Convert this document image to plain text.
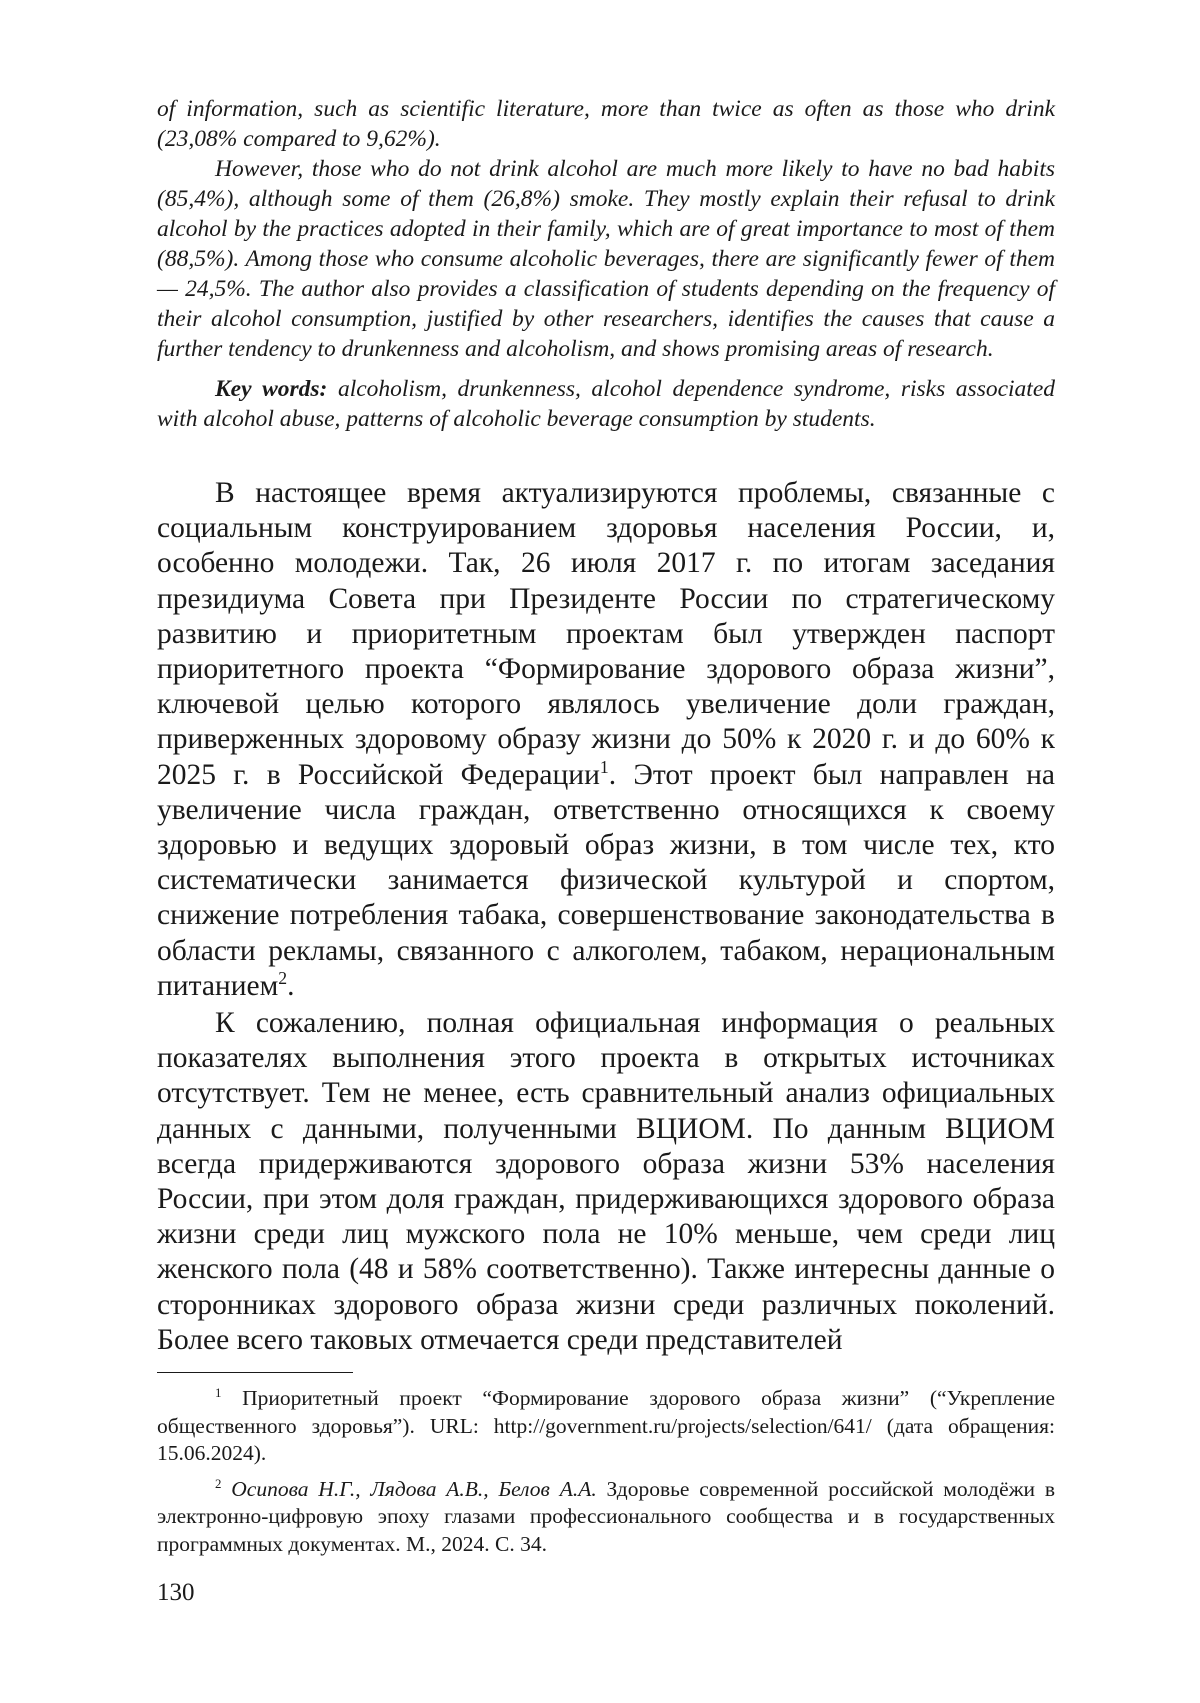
of information, such as scientific literature, more than twice as often as those who drink (23,08% compared to 9,62%).

However, those who do not drink alcohol are much more likely to have no bad habits (85,4%), although some of them (26,8%) smoke. They mostly explain their refusal to drink alcohol by the practices adopted in their family, which are of great importance to most of them (88,5%). Among those who consume alcoholic beverages, there are significantly fewer of them — 24,5%. The author also provides a classification of students depending on the frequency of their alcohol consumption, justified by other researchers, identifies the causes that cause a further tendency to drunkenness and alcoholism, and shows promising areas of research.

Key words: alcoholism, drunkenness, alcohol dependence syndrome, risks associated with alcohol abuse, patterns of alcoholic beverage consumption by students.

В настоящее время актуализируются проблемы, связанные с социальным конструированием здоровья населения России, и, особенно молодежи. Так, 26 июля 2017 г. по итогам заседания президиума Совета при Президенте России по стратегическому развитию и приоритетным проектам был утвержден паспорт приоритетного проекта “Формирование здорового образа жизни”, ключевой целью которого являлось увеличение доли граждан, приверженных здоровому образу жизни до 50% к 2020 г. и до 60% к 2025 г. в Российской Федерации$^1$. Этот проект был направлен на увеличение числа граждан, ответственно относящихся к своему здоровью и ведущих здоровый образ жизни, в том числе тех, кто систематически занимается физической культурой и спортом, снижение потребления табака, совершенствование законодательства в области рекламы, связанного с алкоголем, табаком, нерациональным питанием$^2$.

К сожалению, полная официальная информация о реальных показателях выполнения этого проекта в открытых источниках отсутствует. Тем не менее, есть сравнительный анализ официальных данных с данными, полученными ВЦИОМ. По данным ВЦИОМ всегда придерживаются здорового образа жизни 53% населения России, при этом доля граждан, придерживающихся здорового образа жизни среди лиц мужского пола не 10% меньше, чем среди лиц женского пола (48 и 58% соответственно). Также интересны данные о сторонниках здорового образа жизни среди различных поколений. Более всего таковых отмечается среди представителей

$^1$ Приоритетный проект “Формирование здорового образа жизни” (“Укрепление общественного здоровья”). URL: http://government.ru/projects/selection/641/ (дата обращения: 15.06.2024).

$^2$ Осипова Н.Г., Лядова А.В., Белов А.А. Здоровье современной российской молодёжи в электронно-цифровую эпоху глазами профессионального сообщества и в государственных программных документах. М., 2024. С. 34.

130
